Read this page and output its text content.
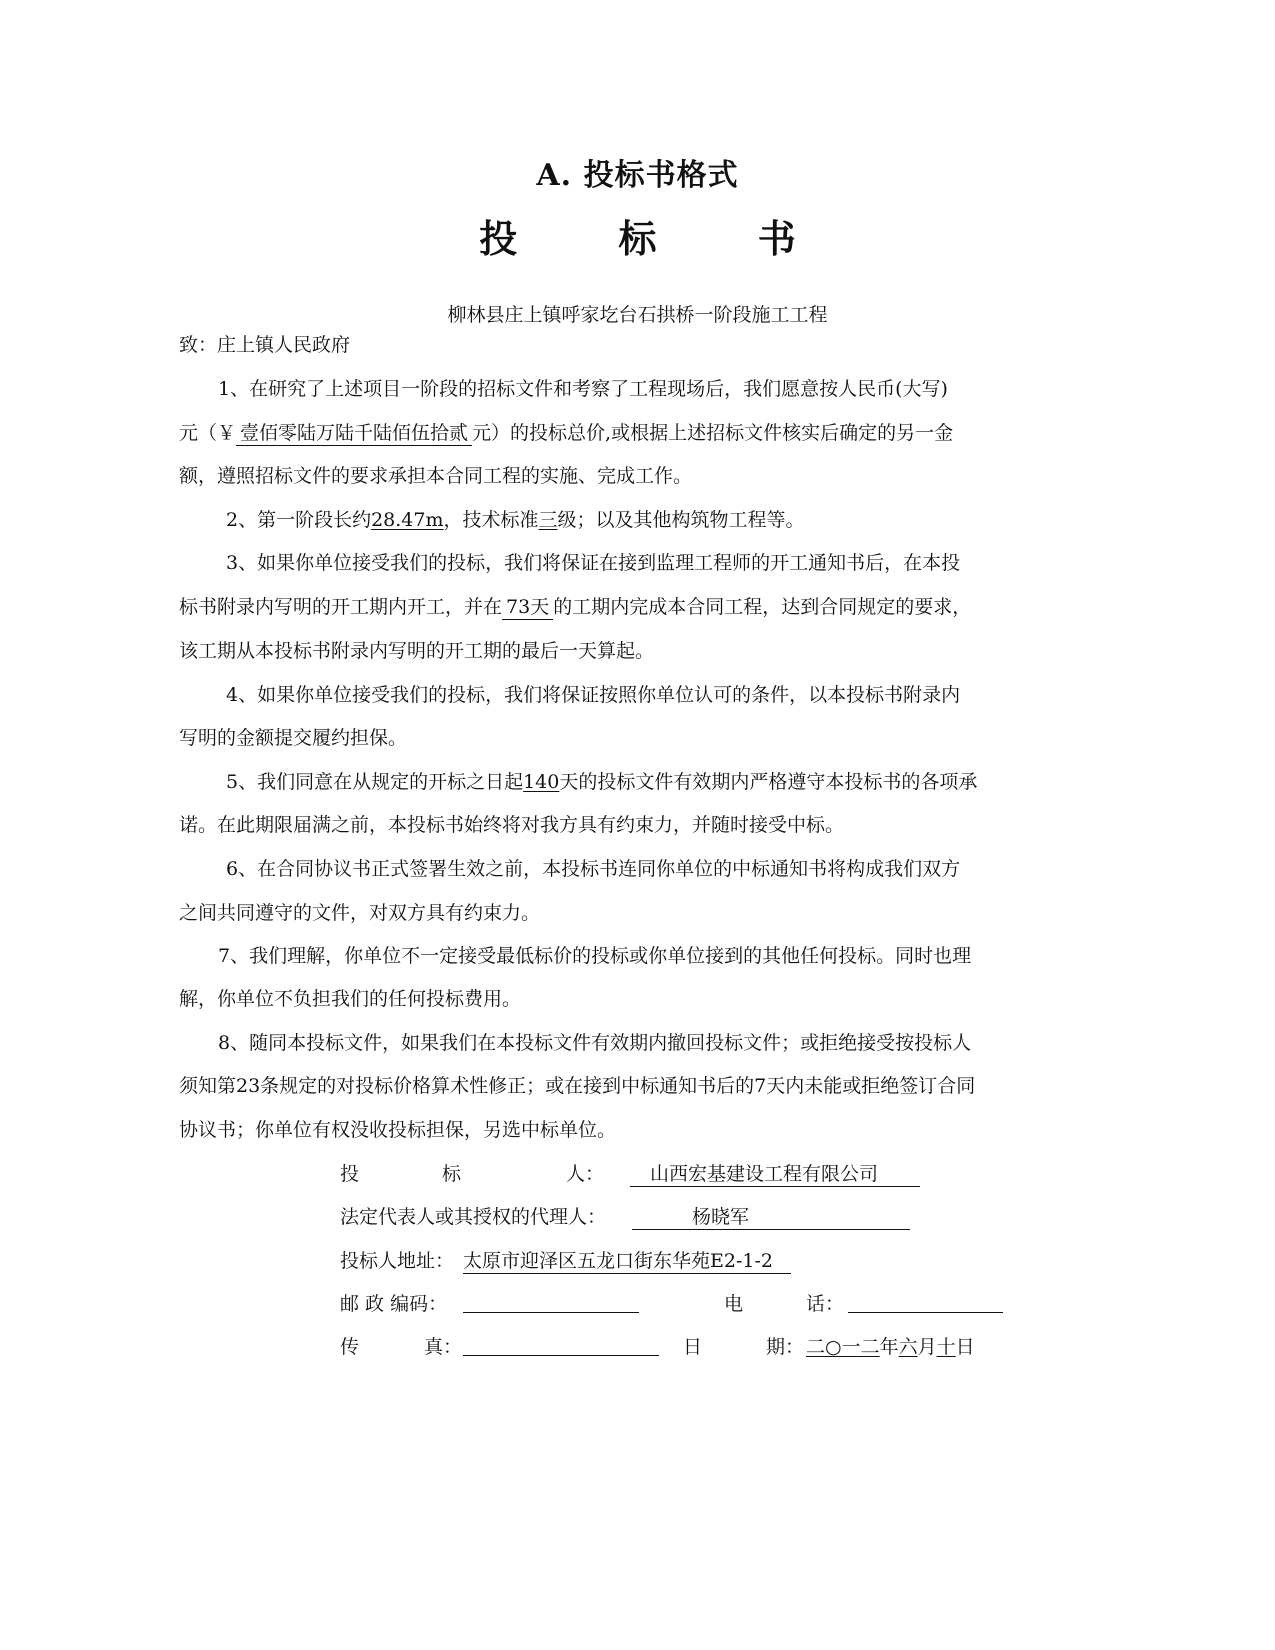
A. 投标书格式
投 标 书
柳林县庄上镇呼家圪台石拱桥一阶段施工工程
致：庄上镇人民政府
1、在研究了上述项目一阶段的招标文件和考察了工程现场后，我们愿意按人民币(大写)
元（￥ 壹佰零陆万陆千陆佰伍拾贰 元）的投标总价,或根据上述招标文件核实后确定的另一金
额，遵照招标文件的要求承担本合同工程的实施、完成工作。
2、第一阶段长约28.47m，技术标准三级；以及其他构筑物工程等。
3、如果你单位接受我们的投标，我们将保证在接到监理工程师的开工通知书后，在本投
标书附录内写明的开工期内开工，并在 73天 的工期内完成本合同工程，达到合同规定的要求，
该工期从本投标书附录内写明的开工期的最后一天算起。
4、如果你单位接受我们的投标，我们将保证按照你单位认可的条件，以本投标书附录内
写明的金额提交履约担保。
5、我们同意在从规定的开标之日起140天的投标文件有效期内严格遵守本投标书的各项承
诺。在此期限届满之前，本投标书始终将对我方具有约束力，并随时接受中标。
6、在合同协议书正式签署生效之前，本投标书连同你单位的中标通知书将构成我们双方
之间共同遵守的文件，对双方具有约束力。
7、我们理解，你单位不一定接受最低标价的投标或你单位接到的其他任何投标。同时也理
解，你单位不负担我们的任何投标费用。
8、随同本投标文件，如果我们在本投标文件有效期内撤回投标文件；或拒绝接受按投标人
须知第23条规定的对投标价格算术性修正；或在接到中标通知书后的7天内未能或拒绝签订合同
协议书；你单位有权没收投标担保，另选中标单位。
投	标	人：	山西宏基建设工程有限公司
法定代表人或其授权的代理人：	杨晓军
投标人地址： 太原市迎泽区五龙口街东华苑E2-1-2
邮 政 编码：	电	话：
传	真：	日	期： 二○一二年六月十日
